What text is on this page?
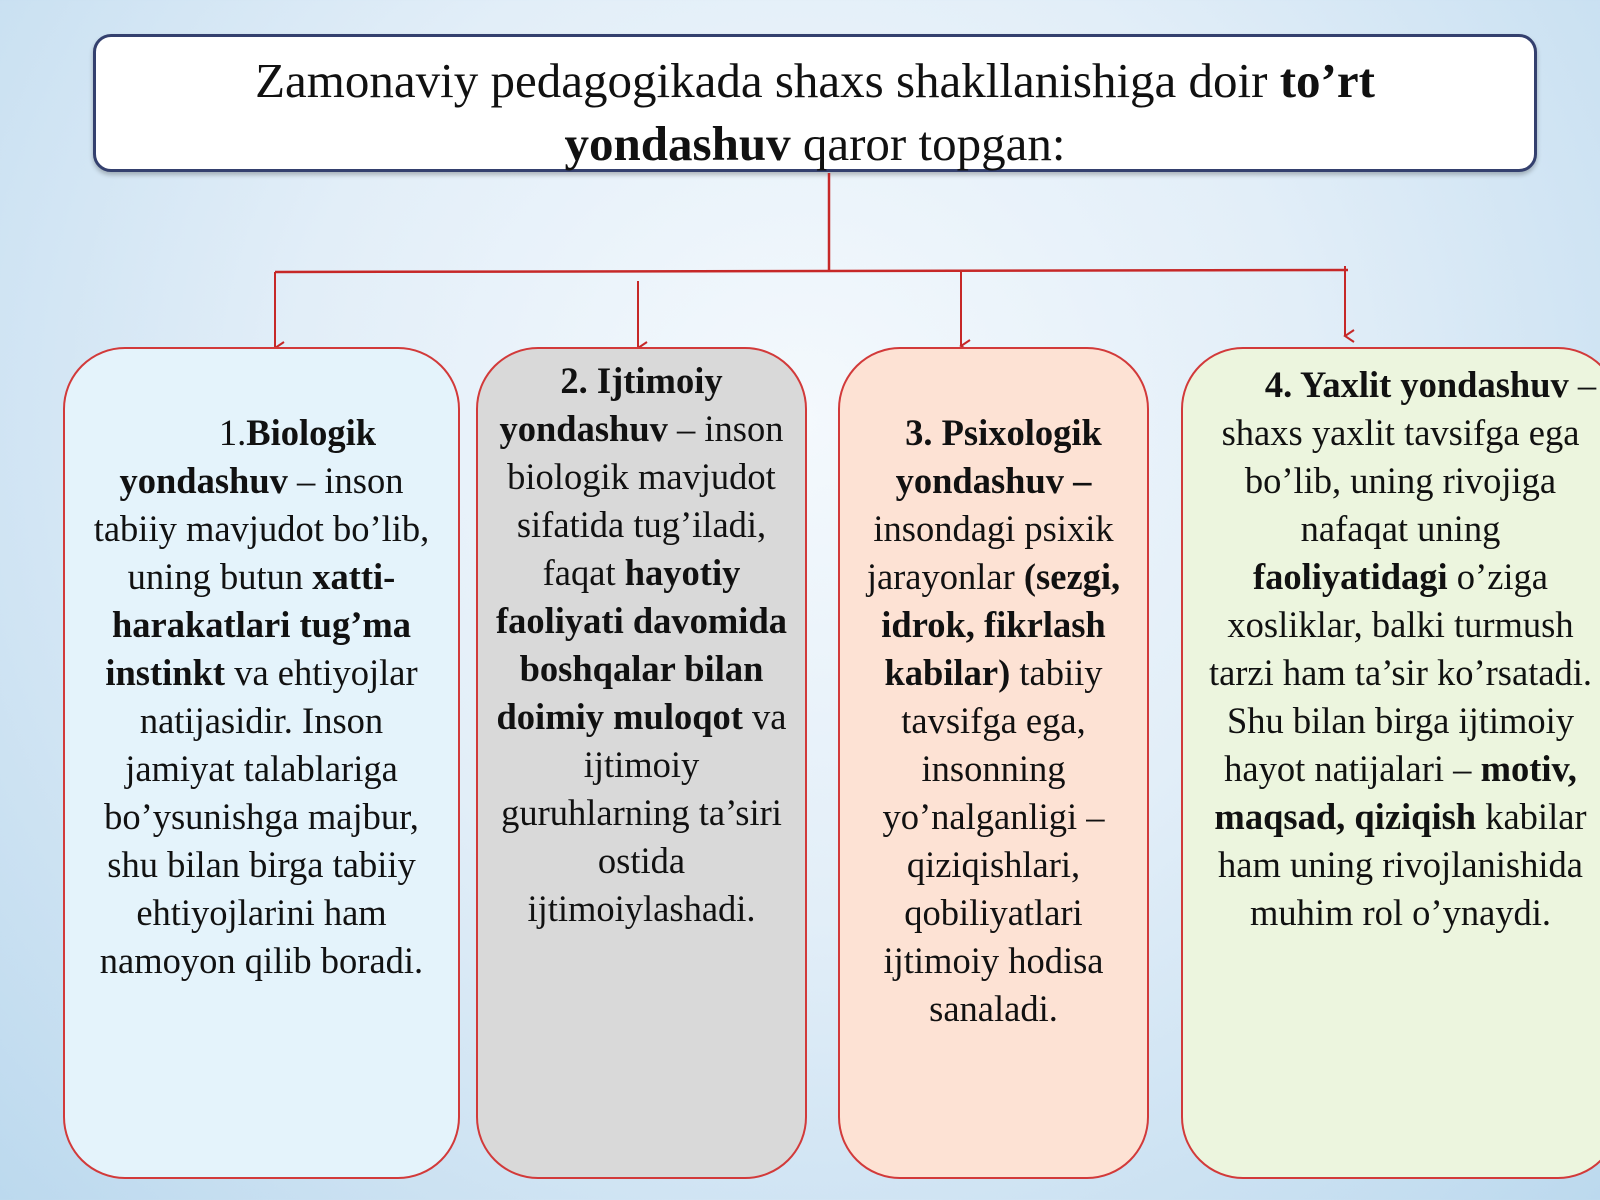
Zamonaviy pedagogikada shaxs shakllanishiga doir to’rt yondashuv qaror topgan:
1.Biologik yondashuv – inson tabiiy mavjudot bo’lib, uning butun xatti-harakatlari tug’ma instinkt va ehtiyojlar natijasidir. Inson jamiyat talablariga bo’ysunishga majbur, shu bilan birga tabiiy ehtiyojlarini ham namoyon qilib boradi.
2. Ijtimoiy yondashuv – inson biologik mavjudot sifatida tug’iladi, faqat hayotiy faoliyati davomida boshqalar bilan doimiy muloqot va ijtimoiy guruhlarning ta’siri ostida ijtimoiylashadi.
3. Psixologik yondashuv – insondagi psixik jarayonlar (sezgi, idrok, fikrlash kabilar) tabiiy tavsifga ega, insonning yo’nalganligi – qiziqishlari, qobiliyatlari ijtimoiy hodisa sanaladi.
4. Yaxlit yondashuv – shaxs yaxlit tavsifga ega bo’lib, uning rivojiga nafaqat uning faoliyatidagi o’ziga xosliklar, balki turmush tarzi ham ta’sir ko’rsatadi. Shu bilan birga ijtimoiy hayot natijalari – motiv, maqsad, qiziqish kabilar ham uning rivojlanishida muhim rol o’ynaydi.
